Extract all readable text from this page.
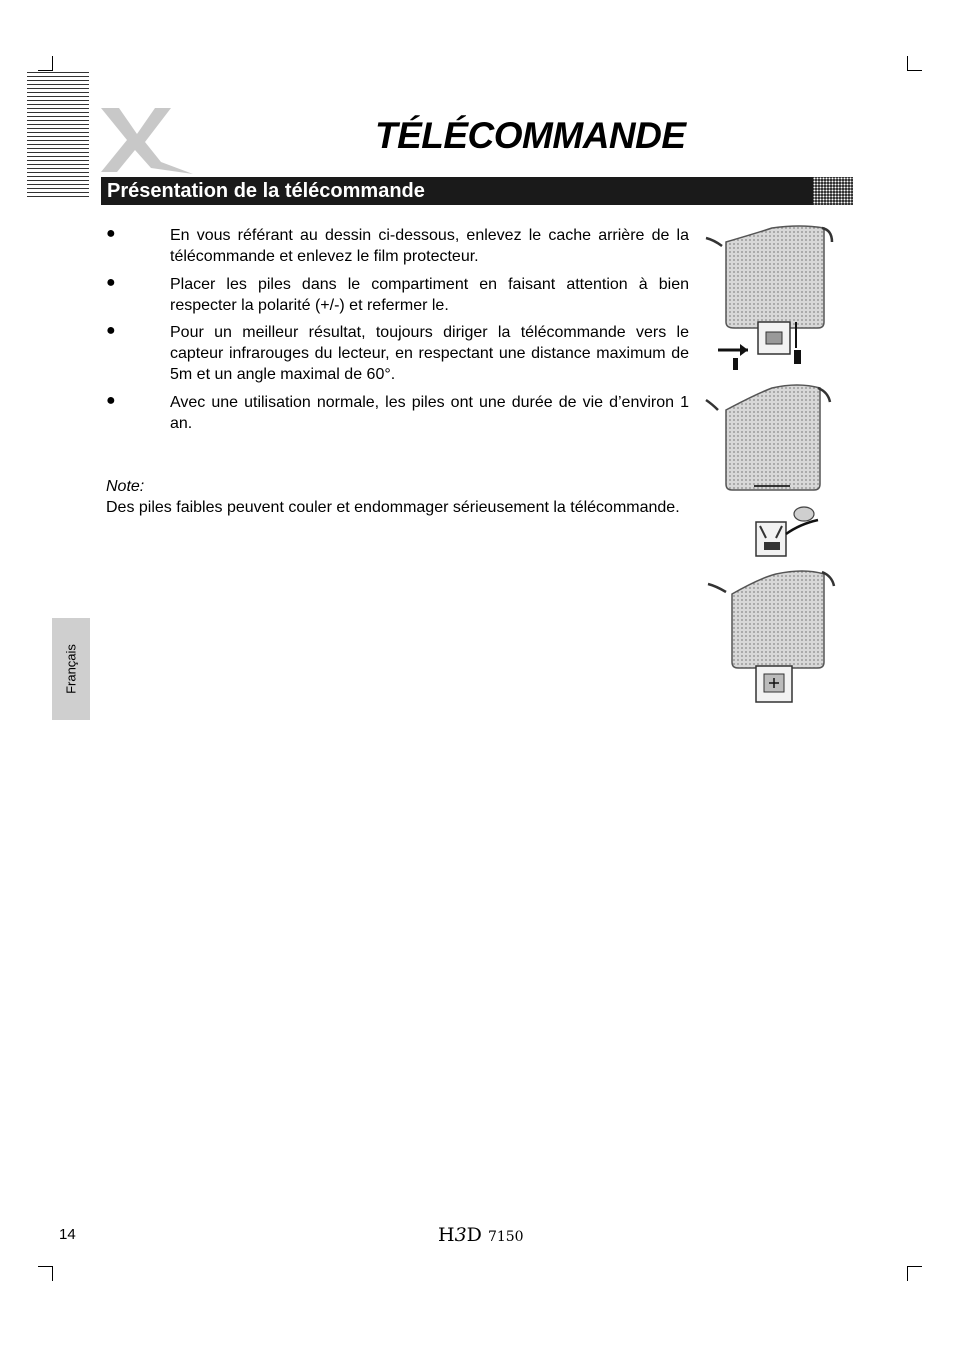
TÉLÉCOMMANDE
Présentation de la télécommande
●	En vous référant au dessin ci-dessous, enlevez le cache arrière de la télécommande et enlevez le film protecteur.
●	Placer les piles dans le compartiment en faisant attention à bien respecter la polarité (+/-) et refermer le.
●	Pour un meilleur résultat, toujours diriger la télécommande vers le capteur infrarouges du lecteur, en respectant une distance maximum de 5m et un angle maximal de 60°.
●	Avec une utilisation normale, les piles ont une durée de vie d’environ 1 an.
Note:
Des piles faibles peuvent couler et endommager sérieusement la télécommande.
Français
14	H3D 7150
